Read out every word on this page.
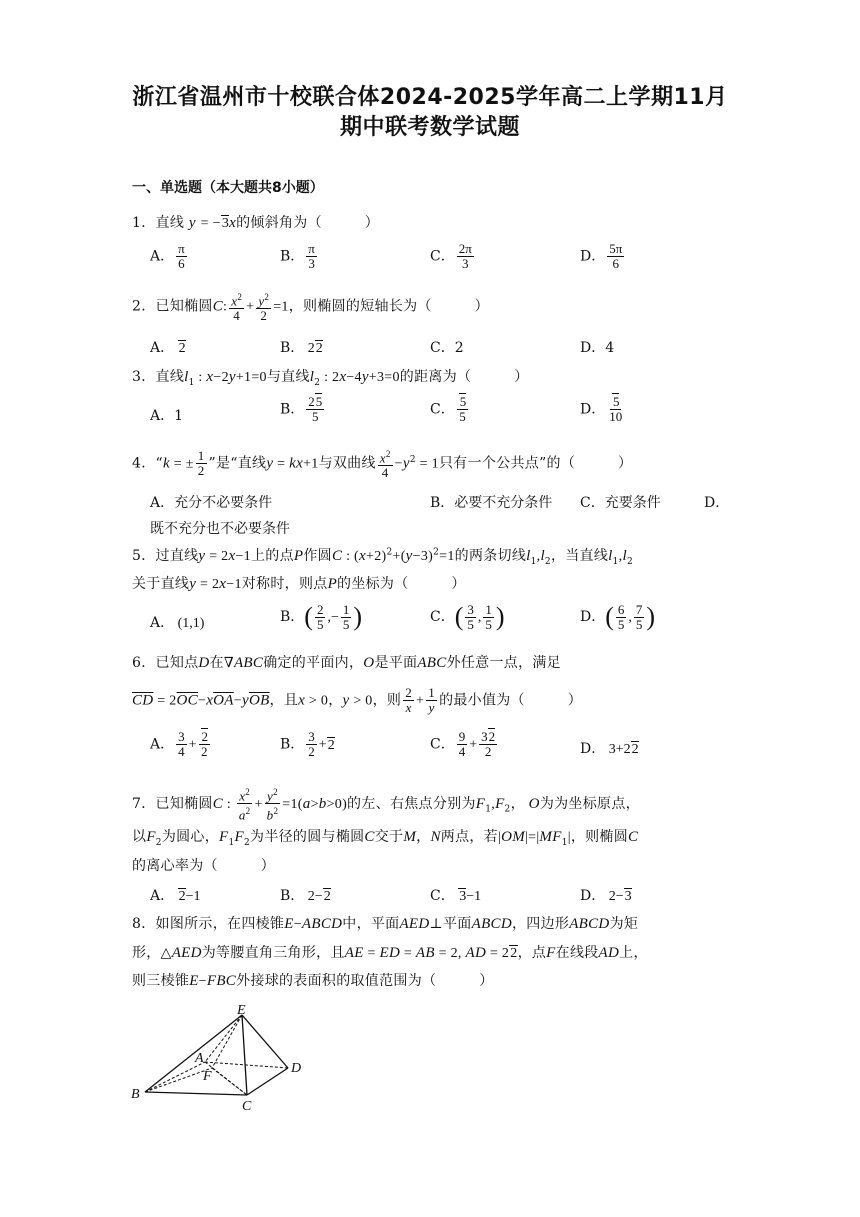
浙江省温州市十校联合体2024-2025学年高二上学期11月
期中联考数学试题
一、单选题（本大题共8小题）
1．直线 y = −3x的倾斜角为（　　　）
A． $\frac{\pi}{6}$	B． $\frac{\pi}{3}$	C． $\frac{2\pi}{3}$	D． $\frac{5\pi}{6}$
2．已知椭圆C: $\frac{x^2}{4} + \frac{y^2}{2} =1$，则椭圆的短轴长为（　　　）
A． 2	B． 22	C．2	D．4
3．直线$l_1$ : x−2y+1=0与直线$l_2$ : 2x−4y+3=0的距离为（　　　）
A．1	B． $\frac{25}{5}$	C． $\frac{5}{5}$	D． $\frac{5}{10}$
4．“k = ± $\frac{1}{2}$ ”是“直线y = kx+1与双曲线 $\frac{x^2}{4} -y^2 = 1$只有一个公共点”的（　　　）
A．充分不必要条件	B．必要不充分条件 C．充要条件	D．
既不充分也不必要条件
5．过直线y = 2x−1上的点P作圆C : $(x+2)^2+(y-3)^2=1$的两条切线$l_1,l_2$，当直线$l_1,l_2$
关于直线y = 2x−1对称时，则点P的坐标为（　　　）
A． (1,1)	B．( $\frac{2}{5}$ ,− $\frac{1}{5}$ )	C．( $\frac{3}{5}$ , $\frac{1}{5}$ )	D．( $\frac{6}{5}$ , $\frac{7}{5}$ )
6．已知点D在∇ABC确定的平面内，O是平面ABC外任意一点，满足
$\overline{CD} = 2\overline{OC}-x\overline{OA}-y\overline{OB}$，且x > 0，y > 0，则 $\frac{2}{x} + \frac{1}{y}$ 的最小值为（　　　）
A． $\frac{3}{4} + \frac{2}{2}$	B． $\frac{3}{2} +2$	C． $\frac{9}{4} + \frac{32}{2}$	D． 3+22
7．已知椭圆C : $\frac{x^2}{a^2} + \frac{y^2}{b^2} =1(a>b>0)$的左、右焦点分别为$F_1,F_2$， O为为坐标原点，
以$F_2$为圆心，$F_1F_2$为半径的圆与椭圆C交于M，N两点，若$|OM|=|MF_1|$，则椭圆C
的离心率为（　　　）
A． 2−1	B． 2−2	C． 3−1	D． 2−3
8．如图所示，在四棱锥E−ABCD中，平面AED⊥平面ABCD，四边形ABCD为矩
形，△AED为等腰直角三角形，且AE = ED = AB = 2, AD = 22，点F在线段AD上，
则三棱锥E−FBC外接球的表面积的取值范围为（　　　）
E
A
F
D
B
C
